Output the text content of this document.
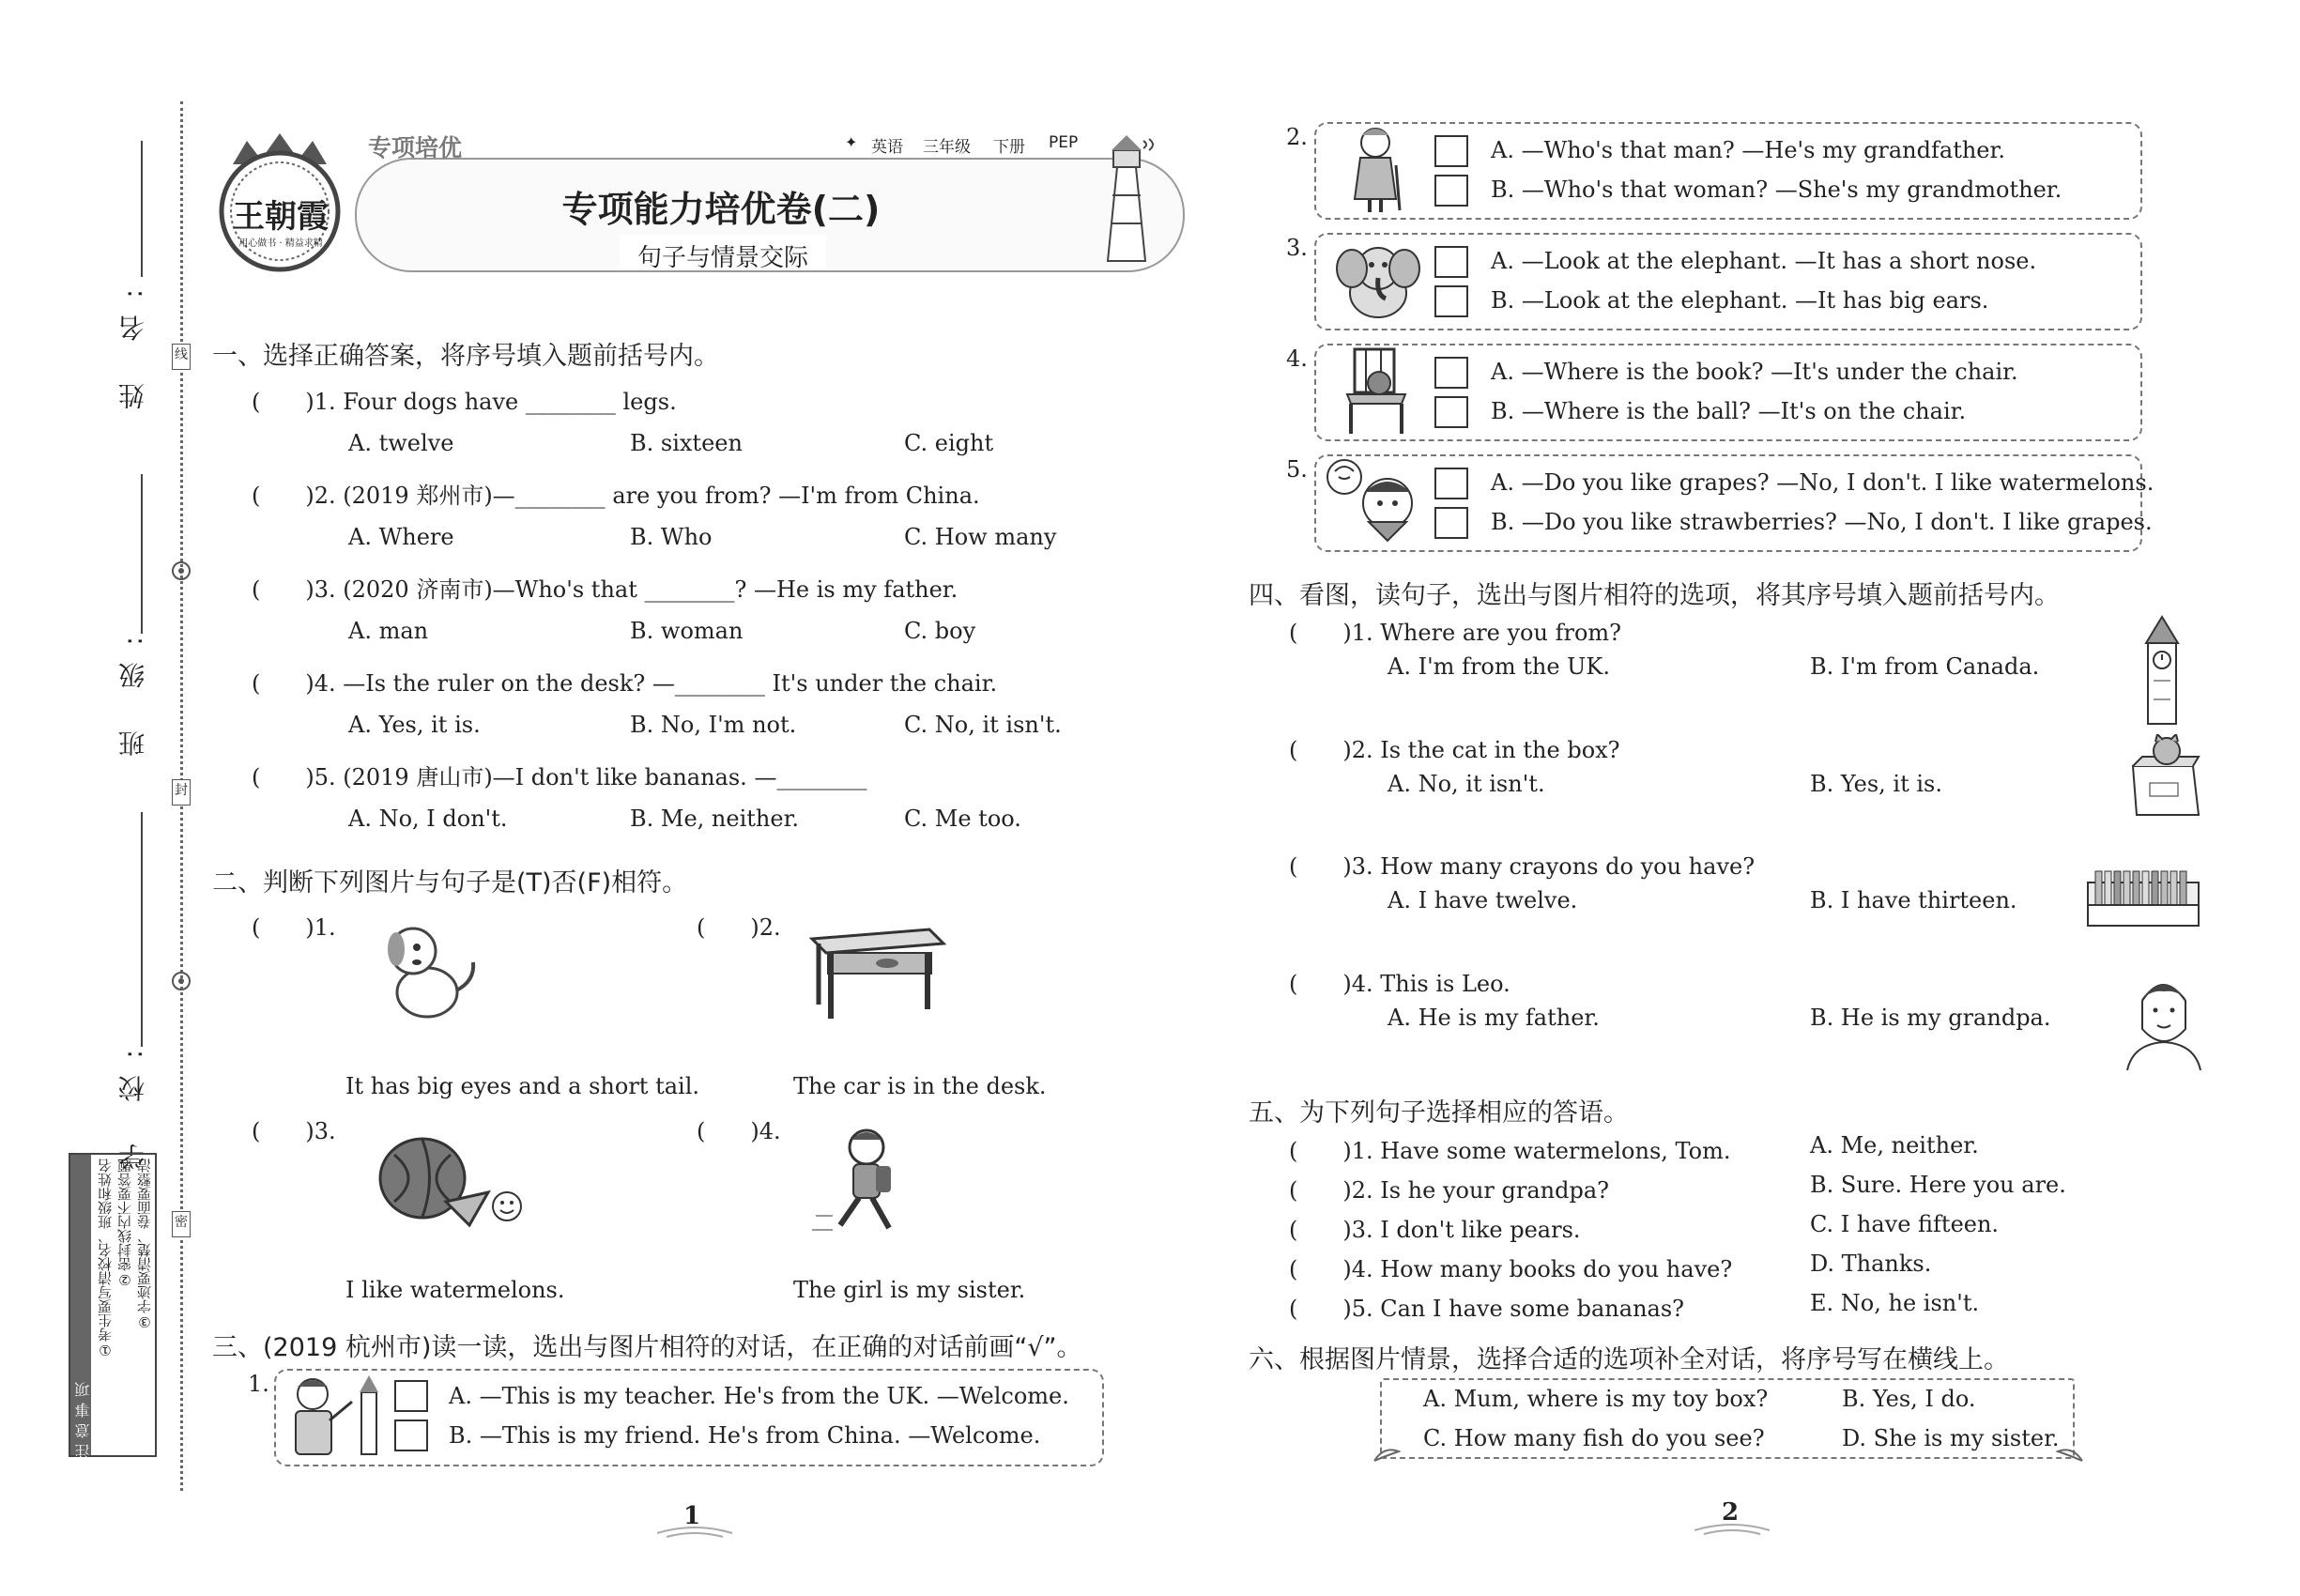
姓 名:
班 级:
学 校:
线
封
密
注意事项
①考生要写清校名、班级和姓名 ②密封线内不要答题 ③字迹要清楚、卷面要整洁
王朝霞
用心做书 · 精益求精
专项培优	✦ 英语 三年级 下册 PEP
专项能力培优卷(二)
句子与情景交际
一、选择正确答案，将序号填入题前括号内。
(　　)1. Four dogs have ________ legs.
A. twelve	B. sixteen	C. eight
(　　)2. (2019 郑州市)—________ are you from? —I'm from China.
A. Where	B. Who	C. How many
(　　)3. (2020 济南市)—Who's that ________? —He is my father.
A. man	B. woman	C. boy
(　　)4. —Is the ruler on the desk? —________ It's under the chair.
A. Yes, it is.	B. No, I'm not.	C. No, it isn't.
(　　)5. (2019 唐山市)—I don't like bananas. —________
A. No, I don't.	B. Me, neither.	C. Me too.
二、判断下列图片与句子是(T)否(F)相符。
(　　)1.
It has big eyes and a short tail.
(　　)2.
The car is in the desk.
(　　)3.
I like watermelons.
(　　)4.
The girl is my sister.
三、(2019 杭州市)读一读，选出与图片相符的对话，在正确的对话前画“√”。
1.	A. —This is my teacher. He's from the UK. —Welcome.
B. —This is my friend. He's from China. —Welcome.
1
2.	A. —Who's that man? —He's my grandfather.
B. —Who's that woman? —She's my grandmother.
3.	A. —Look at the elephant. —It has a short nose.
B. —Look at the elephant. —It has big ears.
4.	A. —Where is the book? —It's under the chair.
B. —Where is the ball? —It's on the chair.
5.	A. —Do you like grapes? —No, I don't. I like watermelons.
B. —Do you like strawberries? —No, I don't. I like grapes.
四、看图，读句子，选出与图片相符的选项，将其序号填入题前括号内。
(　　)1. Where are you from?
A. I'm from the UK.	B. I'm from Canada.
(　　)2. Is the cat in the box?
A. No, it isn't.	B. Yes, it is.
(　　)3. How many crayons do you have?
A. I have twelve.	B. I have thirteen.
(　　)4. This is Leo.
A. He is my father.	B. He is my grandpa.
五、为下列句子选择相应的答语。
(　　)1. Have some watermelons, Tom.	A. Me, neither.
(　　)2. Is he your grandpa?	B. Sure. Here you are.
(　　)3. I don't like pears.	C. I have fifteen.
(　　)4. How many books do you have?	D. Thanks.
(　　)5. Can I have some bananas?	E. No, he isn't.
六、根据图片情景，选择合适的选项补全对话，将序号写在横线上。
A. Mum, where is my toy box?	B. Yes, I do.
C. How many fish do you see?	D. She is my sister.
2
